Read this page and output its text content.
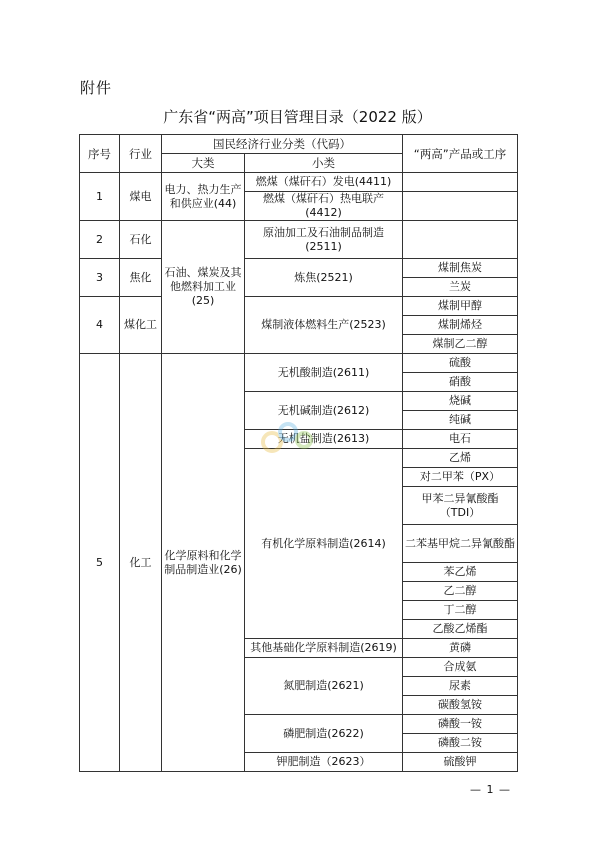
附件
广东省“两高”项目管理目录（2022 版）
序号	行业	国民经济行业分类（代码）		“两高”产品或工序
		大类	小类	
1	煤电	电力、热力生产和供应业(44)	燃煤（煤矸石）发电(4411)	
			燃煤（煤矸石）热电联产(4412)	
2	石化	石油、煤炭及其他燃料加工业(25)	原油加工及石油制品制造(2511)	
3	焦化		炼焦(2521)	煤制焦炭
				兰炭
4	煤化工		煤制液体燃料生产(2523)	煤制甲醇
				煤制烯烃
				煤制乙二醇
5	化工	化学原料和化学制品制造业(26)	无机酸制造(2611)	硫酸
				硝酸
			无机碱制造(2612)	烧碱
				纯碱
			无机盐制造(2613)	电石
			有机化学原料制造(2614)	乙烯
				对二甲苯（PX）
				甲苯二异氰酸酯（TDI）

				二苯基甲烷二异氰酸酯

				苯乙烯
				乙二醇
				丁二醇
				乙酸乙烯酯
			其他基础化学原料制造(2619)	黄磷
			氮肥制造(2621)	合成氨
				尿素
				碳酸氢铵
			磷肥制造(2622)	磷酸一铵
				磷酸二铵
			钾肥制造（2623）	硫酸钾
— 1 —
